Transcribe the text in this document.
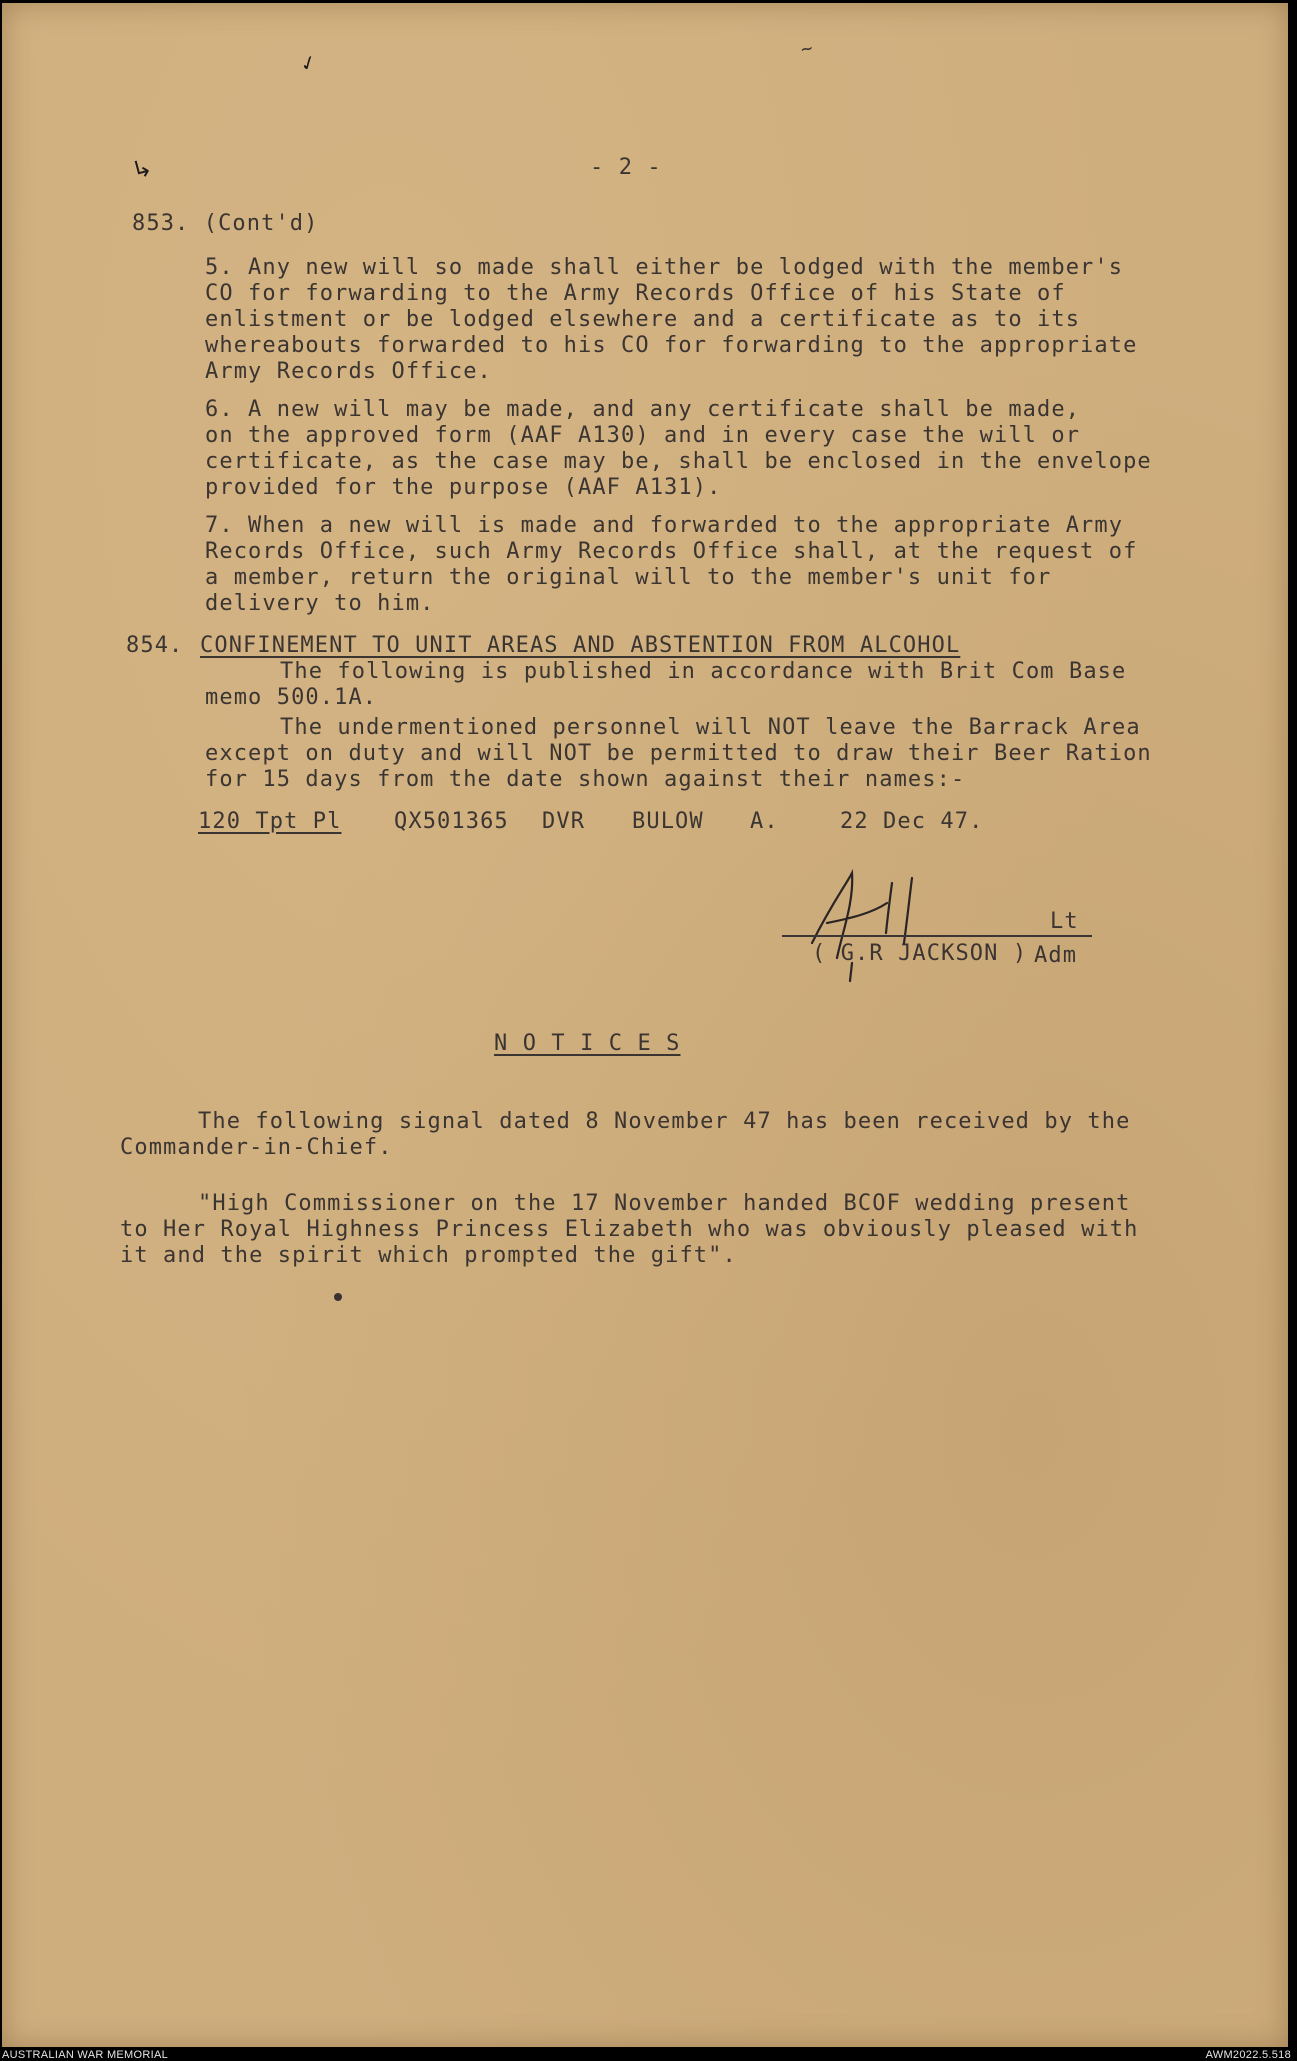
✓
~
↳	- 2 -
853. (Cont'd)
5. Any new will so made shall either be lodged with the member's
CO for forwarding to the Army Records Office of his State of
enlistment or be lodged elsewhere and a certificate as to its
whereabouts forwarded to his CO for forwarding to the appropriate
Army Records Office.
6. A new will may be made, and any certificate shall be made,
on the approved form (AAF A130) and in every case the will or
certificate, as the case may be, shall be enclosed in the envelope
provided for the purpose (AAF A131).
7. When a new will is made and forwarded to the appropriate Army
Records Office, such Army Records Office shall, at the request of
a member, return the original will to the member's unit for
delivery to him.
854. CONFINEMENT TO UNIT AREAS AND ABSTENTION FROM ALCOHOL
The following is published in accordance with Brit Com Base
memo 500.1A.
The undermentioned personnel will NOT leave the Barrack Area
except on duty and will NOT be permitted to draw their Beer Ration
for 15 days from the date shown against their names:-
120 Tpt Pl QX501365 DVR BULOW A.	22 Dec 47.
Lt
( G.R JACKSON ) Adm
N O T I C E S
The following signal dated 8 November 47 has been received by the
Commander-in-Chief.
"High Commissioner on the 17 November handed BCOF wedding present
to Her Royal Highness Princess Elizabeth who was obviously pleased with
it and the spirit which prompted the gift".
AUSTRALIAN WAR MEMORIAL	AWM2022.5.518
